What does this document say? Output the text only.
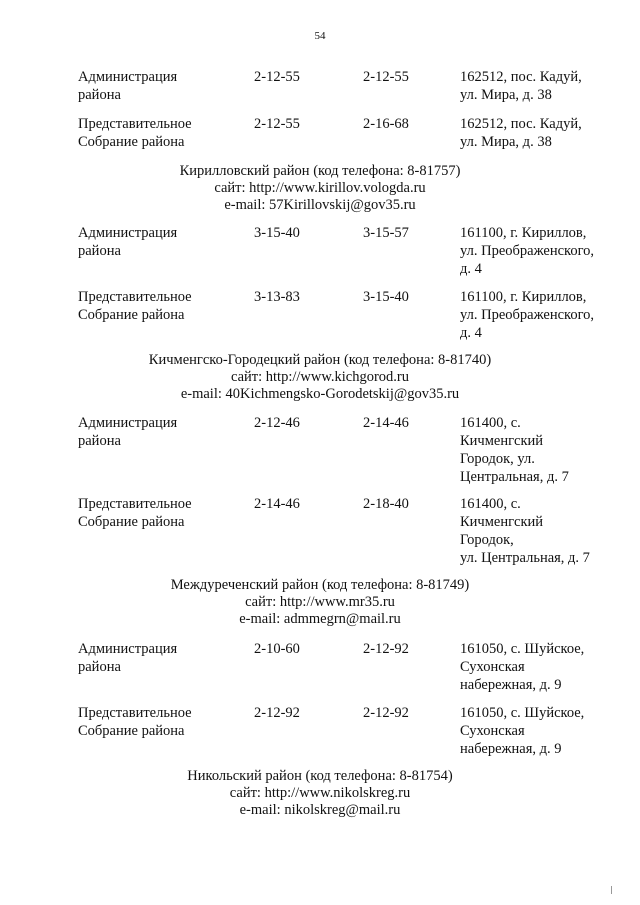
54
Администрация
района
2-12-55	2-12-55	162512, пос. Кадуй,
ул. Мира, д. 38
Представительное
Собрание района
2-12-55	2-16-68	162512, пос. Кадуй,
ул. Мира, д. 38
Кирилловский район (код телефона: 8-81757)
сайт: http://www.kirillov.vologda.ru
e-mail: 57Kirillovskij@gov35.ru
Администрация
района
3-15-40	3-15-57	161100, г. Кириллов,
ул. Преображенского,
д. 4
Представительное
Собрание района
3-13-83	3-15-40	161100, г. Кириллов,
ул. Преображенского,
д. 4
Кичменгско-Городецкий район (код телефона: 8-81740)
сайт: http://www.kichgorod.ru
e-mail: 40Kichmengsko-Gorodetskij@gov35.ru
Администрация
района
2-12-46	2-14-46	161400, с.
Кичменгский
Городок, ул.
Центральная, д. 7
Представительное
Собрание района
2-14-46	2-18-40	161400, с.
Кичменгский
Городок,
ул. Центральная, д. 7
Междуреченский район (код телефона: 8-81749)
сайт: http://www.mr35.ru
e-mail: admmegrn@mail.ru
Администрация
района
2-10-60	2-12-92	161050, с. Шуйское,
Сухонская
набережная, д. 9
Представительное
Собрание района
2-12-92	2-12-92	161050, с. Шуйское,
Сухонская
набережная, д. 9
Никольский район (код телефона: 8-81754)
сайт: http://www.nikolskreg.ru
e-mail: nikolskreg@mail.ru
